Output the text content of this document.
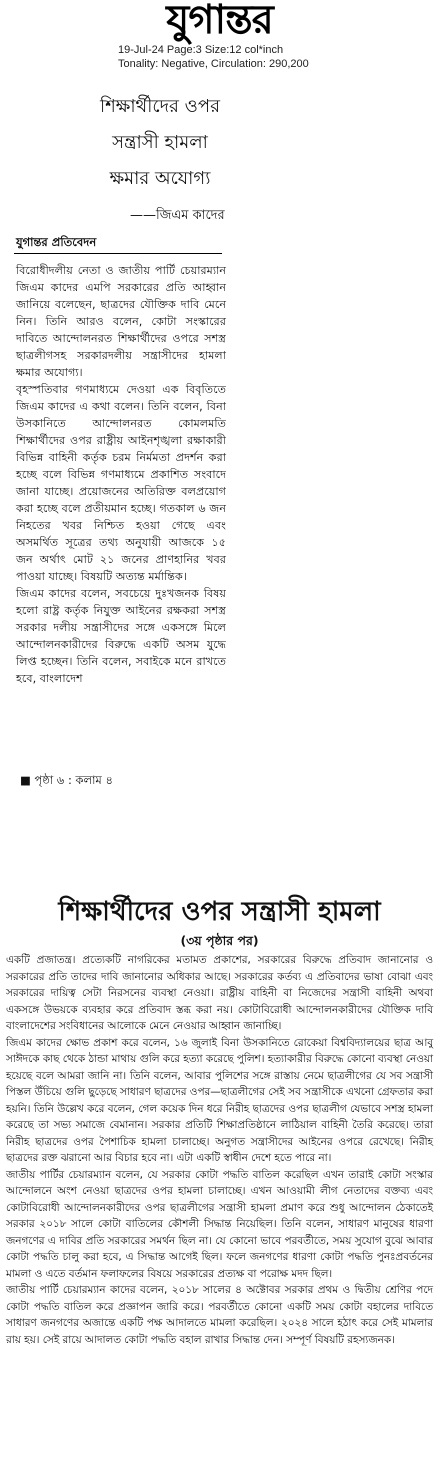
যুগান্তর
19-Jul-24 Page:3 Size:12 col*inch
Tonality: Negative, Circulation: 290,200
শিক্ষার্থীদের ওপর
সন্ত্রাসী হামলা
ক্ষমার অযোগ্য
——জিএম কাদের
যুগান্তর প্রতিবেদন

বিরোধীদলীয় নেতা ও জাতীয় পার্টি চেয়ারম্যান জিএম কাদের এমপি সরকারের প্রতি আহ্বান জানিয়ে বলেছেন, ছাত্রদের যৌক্তিক দাবি মেনে নিন। তিনি আরও বলেন, কোটা সংস্কারের দাবিতে আন্দোলনরত শিক্ষার্থীদের ওপরে সশস্ত্র ছাত্রলীগসহ সরকারদলীয় সন্ত্রাসীদের হামলা ক্ষমার অযোগ্য।

বৃহস্পতিবার গণমাধ্যমে দেওয়া এক বিবৃতিতে জিএম কাদের এ কথা বলেন। তিনি বলেন, বিনা উসকানিতে আন্দোলনরত কোমলমতি শিক্ষার্থীদের ওপর রাষ্ট্রীয় আইনশৃঙ্খলা রক্ষাকারী বিভিন্ন বাহিনী কর্তৃক চরম নির্মমতা প্রদর্শন করা হচ্ছে বলে বিভিন্ন গণমাধ্যমে প্রকাশিত সংবাদে জানা যাচ্ছে। প্রয়োজনের অতিরিক্ত বলপ্রয়োগ করা হচ্ছে বলে প্রতীয়মান হচ্ছে। গতকাল ৬ জন নিহতের খবর নিশ্চিত হওয়া গেছে এবং অসমর্থিত সূত্রের তথ্য অনুযায়ী আজকে ১৫ জন অর্থাৎ মোট ২১ জনের প্রাণহানির খবর পাওয়া যাচ্ছে। বিষয়টি অত্যন্ত মর্মান্তিক।

জিএম কাদের বলেন, সবচেয়ে দুঃখজনক বিষয় হলো রাষ্ট্র কর্তৃক নিযুক্ত আইনের রক্ষকরা সশস্ত্র সরকার দলীয় সন্ত্রাসীদের সঙ্গে একসঙ্গে মিলে আন্দোলনকারীদের বিরুদ্ধে একটি অসম যুদ্ধে লিপ্ত হচ্ছেন। তিনি বলেন, সবাইকে মনে রাখতে হবে, বাংলাদেশ

■ পৃষ্ঠা ৬ : কলাম ৪
শিক্ষার্থীদের ওপর সন্ত্রাসী হামলা
(৩য় পৃষ্ঠার পর)

একটি প্রজাতন্ত্র। প্রত্যেকটি নাগরিকের মতামত প্রকাশের, সরকারের বিরুদ্ধে প্রতিবাদ জানানোর ও সরকারের প্রতি তাদের দাবি জানানোর অধিকার আছে। সরকারের কর্তব্য এ প্রতিবাদের ভাষা বোঝা এবং সরকারের দায়িত্ব সেটা নিরসনের ব্যবস্থা নেওয়া। রাষ্ট্রীয় বাহিনী বা নিজেদের সন্ত্রাসী বাহিনী অথবা একসঙ্গে উভয়কে ব্যবহার করে প্রতিবাদ স্তব্ধ করা নয়। কোটাবিরোধী আন্দোলনকারীদের যৌক্তিক দাবি বাংলাদেশের সংবিধানের আলোকে মেনে নেওয়ার আহ্বান জানাচ্ছি।

জিএম কাদের ক্ষোভ প্রকাশ করে বলেন, ১৬ জুলাই বিনা উসকানিতে রোকেয়া বিশ্ববিদ্যালয়ের ছাত্র আবু সাঈদকে কাছ থেকে ঠান্ডা মাথায় গুলি করে হত্যা করেছে পুলিশ। হত্যাকারীর বিরুদ্ধে কোনো ব্যবস্থা নেওয়া হয়েছে বলে আমরা জানি না। তিনি বলেন, আবার পুলিশের সঙ্গে রাস্তায় নেমে ছাত্রলীগের যে সব সন্ত্রাসী পিস্তল উঁচিয়ে গুলি ছুড়েছে সাধারণ ছাত্রদের ওপর—ছাত্রলীগের সেই সব সন্ত্রাসীকে এখনো গ্রেফতার করা হয়নি। তিনি উল্লেখ করে বলেন, গেল কয়েক দিন ধরে নিরীহ ছাত্রদের ওপর ছাত্রলীগ যেভাবে সশস্ত্র হামলা করেছে তা সভ্য সমাজে বেমানান। সরকার প্রতিটি শিক্ষাপ্রতিষ্ঠানে লাঠিয়াল বাহিনী তৈরি করেছে। তারা নিরীহ ছাত্রদের ওপর পৈশাচিক হামলা চালাচ্ছে। অনুগত সন্ত্রাসীদের আইনের ওপরে রেখেছে। নিরীহ ছাত্রদের রক্ত ঝরানো আর বিচার হবে না। এটা একটি স্বাধীন দেশে হতে পারে না।

জাতীয় পার্টির চেয়ারম্যান বলেন, যে সরকার কোটা পদ্ধতি বাতিল করেছিল এখন তারাই কোটা সংস্কার আন্দোলনে অংশ নেওয়া ছাত্রদের ওপর হামলা চালাচ্ছে। এখন আওয়ামী লীগ নেতাদের বক্তব্য এবং কোটাবিরোধী আন্দোলনকারীদের ওপর ছাত্রলীগের সন্ত্রাসী হামলা প্রমাণ করে শুধু আন্দোলন ঠেকাতেই সরকার ২০১৮ সালে কোটা বাতিলের কৌশলী সিদ্ধান্ত নিয়েছিল। তিনি বলেন, সাধারণ মানুষের ধারণা জনগণের এ দাবির প্রতি সরকারের সমর্থন ছিল না। যে কোনো ভাবে পরবর্তীতে, সময় সুযোগ বুঝে আবার কোটা পদ্ধতি চালু করা হবে, এ সিদ্ধান্ত আগেই ছিল। ফলে জনগণের ধারণা কোটা পদ্ধতি পুনঃপ্রবর্তনের মামলা ও এতে বর্তমান ফলাফলের বিষয়ে সরকারের প্রত্যক্ষ বা পরোক্ষ মদদ ছিল।

জাতীয় পার্টি চেয়ারম্যান কাদের বলেন, ২০১৮ সালের ৪ অক্টোবর সরকার প্রথম ও দ্বিতীয় শ্রেণির পদে কোটা পদ্ধতি বাতিল করে প্রজ্ঞাপন জারি করে। পরবর্তীতে কোনো একটি সময় কোটা বহালের দাবিতে সাধারণ জনগণের অজান্তে একটি পক্ষ আদালতে মামলা করেছিল। ২০২৪ সালে হঠাৎ করে সেই মামলার রায় হয়। সেই রায়ে আদালত কোটা পদ্ধতি বহাল রাখার সিদ্ধান্ত দেন। সম্পূর্ণ বিষয়টি রহস্যজনক।
